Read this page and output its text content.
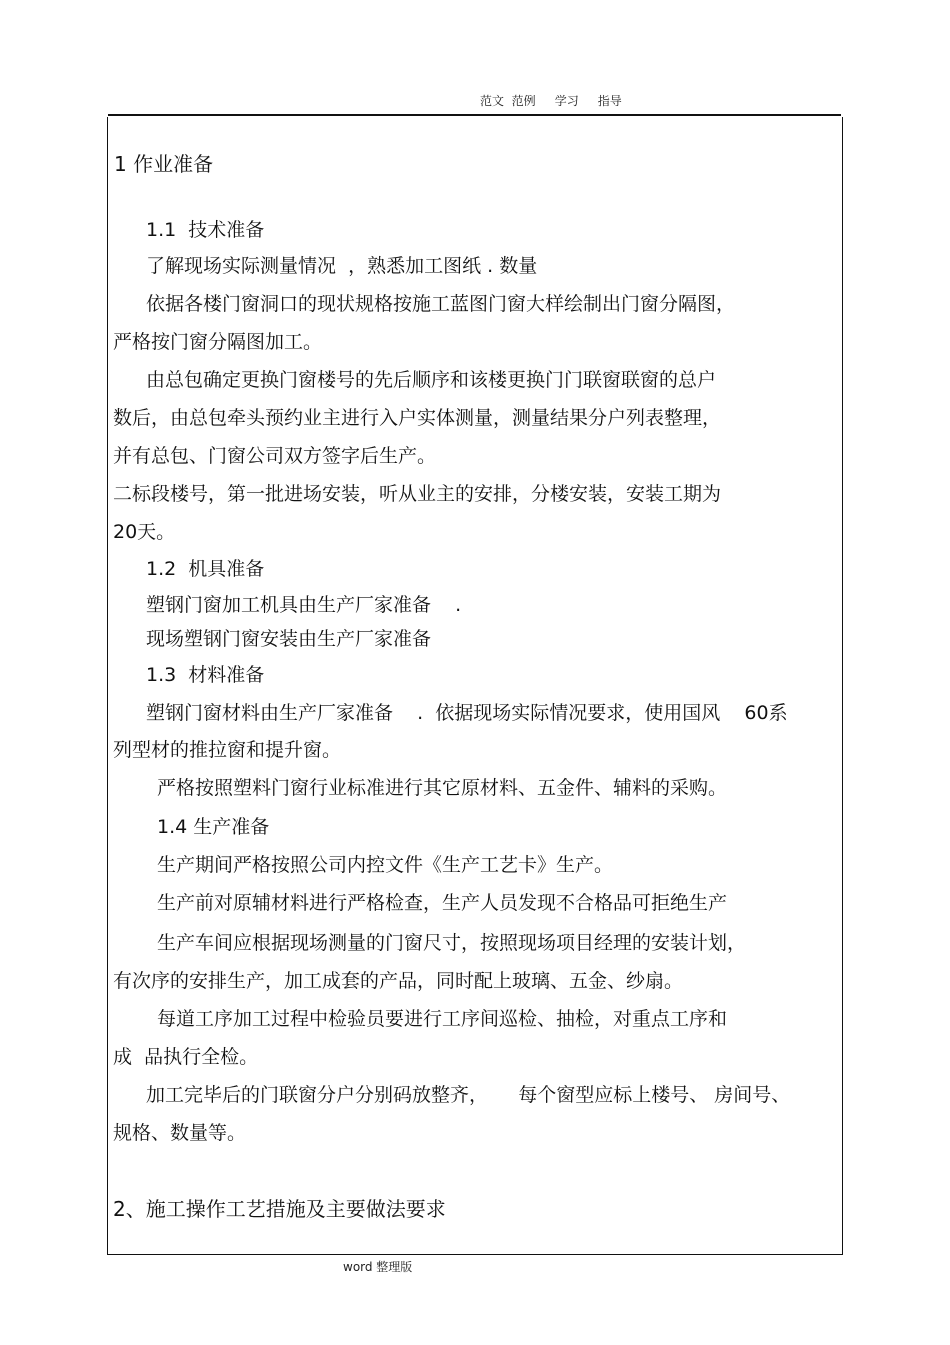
范文  范例     学习     指导
1 作业准备
1.1  技术准备
了解现场实际测量情况  ，熟悉加工图纸 . 数量
依据各楼门窗洞口的现状规格按施工蓝图门窗大样绘制出门窗分隔图，
严格按门窗分隔图加工。
由总包确定更换门窗楼号的先后顺序和该楼更换门门联窗联窗的总户
数后，由总包牵头预约业主进行入户实体测量，测量结果分户列表整理，
并有总包、门窗公司双方签字后生产。
二标段楼号，第一批进场安装，听从业主的安排，分楼安装，安装工期为
20天。
1.2  机具准备
塑钢门窗加工机具由生产厂家准备    .
现场塑钢门窗安装由生产厂家准备
1.3  材料准备
塑钢门窗材料由生产厂家准备    .  依据现场实际情况要求，使用国风    60系
列型材的推拉窗和提升窗。
严格按照塑料门窗行业标准进行其它原材料、五金件、辅料的采购。
1.4 生产准备
生产期间严格按照公司内控文件《生产工艺卡》生产。
生产前对原辅材料进行严格检查，生产人员发现不合格品可拒绝生产
生产车间应根据现场测量的门窗尺寸，按照现场项目经理的安装计划，
有次序的安排生产，加工成套的产品，同时配上玻璃、五金、纱扇。
每道工序加工过程中检验员要进行工序间巡检、抽检，对重点工序和
成  品执行全检。
加工完毕后的门联窗分户分别码放整齐，     每个窗型应标上楼号、 房间号、
规格、数量等。
2、施工操作工艺措施及主要做法要求
word 整理版
